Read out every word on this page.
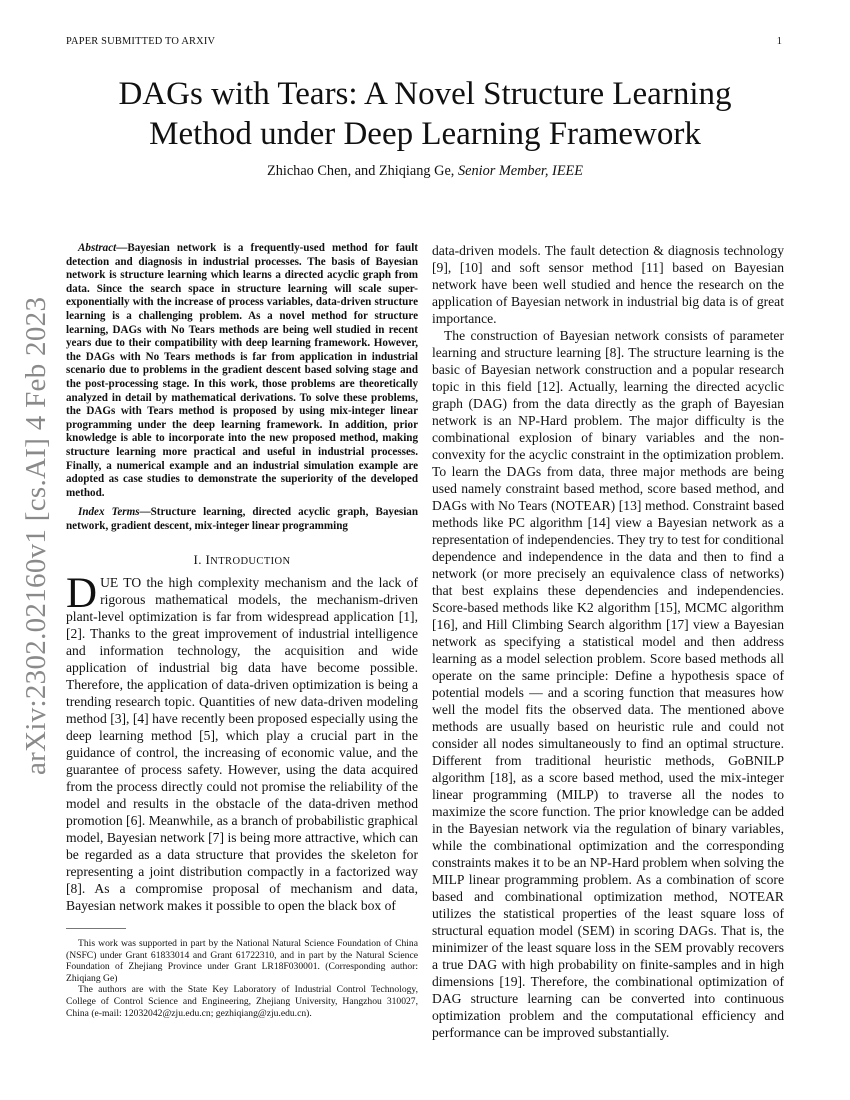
PAPER SUBMITTED TO ARXIV	1
arXiv:2302.02160v1 [cs.AI] 4 Feb 2023
DAGs with Tears: A Novel Structure Learning
Method under Deep Learning Framework
Zhichao Chen, and Zhiqiang Ge, Senior Member, IEEE

Abstract—Bayesian network is a frequently-used method for fault detection and diagnosis in industrial processes. The basis of Bayesian network is structure learning which learns a directed acyclic graph from data. Since the search space in structure learning will scale super-exponentially with the increase of process variables, data-driven structure learning is a challenging problem. As a novel method for structure learning, DAGs with No Tears methods are being well studied in recent years due to their compatibility with deep learning framework. However, the DAGs with No Tears methods is far from application in industrial scenario due to problems in the gradient descent based solving stage and the post-processing stage. In this work, those problems are theoretically analyzed in detail by mathematical derivations. To solve these problems, the DAGs with Tears method is proposed by using mix-integer linear programming under the deep learning framework. In addition, prior knowledge is able to incorporate into the new proposed method, making structure learning more practical and useful in industrial processes. Finally, a numerical example and an industrial simulation example are adopted as case studies to demonstrate the superiority of the developed method.

Index Terms—Structure learning, directed acyclic graph, Bayesian network, gradient descent, mix-integer linear programming

I. INTRODUCTION

DUE TO the high complexity mechanism and the lack of rigorous mathematical models, the mechanism-driven plant-level optimization is far from widespread application [1], [2]. Thanks to the great improvement of industrial intelligence and information technology, the acquisition and wide application of industrial big data have become possible. Therefore, the application of data-driven optimization is being a trending research topic. Quantities of new data-driven modeling method [3], [4] have recently been proposed especially using the deep learning method [5], which play a crucial part in the guidance of control, the increasing of economic value, and the guarantee of process safety. However, using the data acquired from the process directly could not promise the reliability of the model and results in the obstacle of the data-driven method promotion [6]. Meanwhile, as a branch of probabilistic graphical model, Bayesian network [7] is being more attractive, which can be regarded as a data structure that provides the skeleton for representing a joint distribution compactly in a factorized way [8]. As a compromise proposal of mechanism and data, Bayesian network makes it possible to open the black box of

data-driven models. The fault detection & diagnosis technology [9], [10] and soft sensor method [11] based on Bayesian network have been well studied and hence the research on the application of Bayesian network in industrial big data is of great importance.

The construction of Bayesian network consists of parameter learning and structure learning [8]. The structure learning is the basic of Bayesian network construction and a popular research topic in this field [12]. Actually, learning the directed acyclic graph (DAG) from the data directly as the graph of Bayesian network is an NP-Hard problem. The major difficulty is the combinational explosion of binary variables and the non-convexity for the acyclic constraint in the optimization problem. To learn the DAGs from data, three major methods are being used namely constraint based method, score based method, and DAGs with No Tears (NOTEAR) [13] method. Constraint based methods like PC algorithm [14] view a Bayesian network as a representation of independencies. They try to test for conditional dependence and independence in the data and then to find a network (or more precisely an equivalence class of networks) that best explains these dependencies and independencies. Score-based methods like K2 algorithm [15], MCMC algorithm [16], and Hill Climbing Search algorithm [17] view a Bayesian network as specifying a statistical model and then address learning as a model selection problem. Score based methods all operate on the same principle: Define a hypothesis space of potential models — and a scoring function that measures how well the model fits the observed data. The mentioned above methods are usually based on heuristic rule and could not consider all nodes simultaneously to find an optimal structure. Different from traditional heuristic methods, GoBNILP algorithm [18], as a score based method, used the mix-integer linear programming (MILP) to traverse all the nodes to maximize the score function. The prior knowledge can be added in the Bayesian network via the regulation of binary variables, while the combinational optimization and the corresponding constraints makes it to be an NP-Hard problem when solving the MILP linear programming problem. As a combination of score based and combinational optimization method, NOTEAR utilizes the statistical properties of the least square loss of structural equation model (SEM) in scoring DAGs. That is, the minimizer of the least square loss in the SEM provably recovers a true DAG with high probability on finite-samples and in high dimensions [19]. Therefore, the combinational optimization of DAG structure learning can be converted into continuous optimization problem and the computational efficiency and performance can be improved substantially.

This work was supported in part by the National Natural Science Foundation of China (NSFC) under Grant 61833014 and Grant 61722310, and in part by the Natural Science Foundation of Zhejiang Province under Grant LR18F030001. (Corresponding author: Zhiqiang Ge)

The authors are with the State Key Laboratory of Industrial Control Technology, College of Control Science and Engineering, Zhejiang University, Hangzhou 310027, China (e-mail: 12032042@zju.edu.cn; gezhiqiang@zju.edu.cn).
